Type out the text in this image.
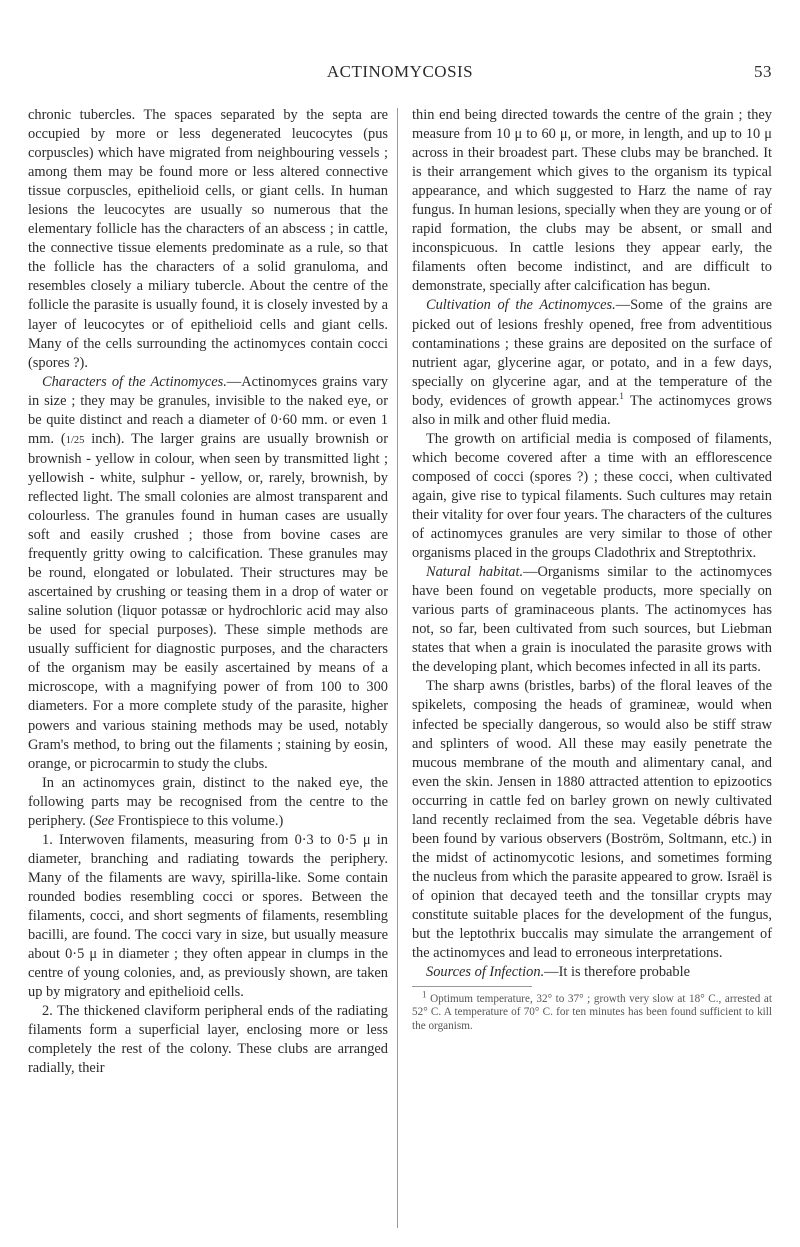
ACTINOMYCOSIS	53

chronic tubercles. The spaces separated by the septa are occupied by more or less degenerated leucocytes (pus corpuscles) which have migrated from neighbouring vessels ; among them may be found more or less altered connective tissue corpuscles, epithelioid cells, or giant cells. In human lesions the leucocytes are usually so numerous that the elementary follicle has the characters of an abscess ; in cattle, the connective tissue elements predominate as a rule, so that the follicle has the characters of a solid granuloma, and resembles closely a miliary tubercle. About the centre of the follicle the parasite is usually found, it is closely invested by a layer of leucocytes or of epithelioid cells and giant cells. Many of the cells surrounding the actinomyces contain cocci (spores ?).

Characters of the Actinomyces.—Actinomyces grains vary in size ; they may be granules, invisible to the naked eye, or be quite distinct and reach a diameter of 0·60 mm. or even 1 mm. (1/25 inch). The larger grains are usually brownish or brownish - yellow in colour, when seen by transmitted light ; yellowish - white, sulphur - yellow, or, rarely, brownish, by reflected light. The small colonies are almost transparent and colourless. The granules found in human cases are usually soft and easily crushed ; those from bovine cases are frequently gritty owing to calcification. These granules may be round, elongated or lobulated. Their structures may be ascertained by crushing or teasing them in a drop of water or saline solution (liquor potassæ or hydrochloric acid may also be used for special purposes). These simple methods are usually sufficient for diagnostic purposes, and the characters of the organism may be easily ascertained by means of a microscope, with a magnifying power of from 100 to 300 diameters. For a more complete study of the parasite, higher powers and various staining methods may be used, notably Gram's method, to bring out the filaments ; staining by eosin, orange, or picrocarmin to study the clubs.

In an actinomyces grain, distinct to the naked eye, the following parts may be recognised from the centre to the periphery. (See Frontispiece to this volume.)

1. Interwoven filaments, measuring from 0·3 to 0·5 μ in diameter, branching and radiating towards the periphery. Many of the filaments are wavy, spirilla-like. Some contain rounded bodies resembling cocci or spores. Between the filaments, cocci, and short segments of filaments, resembling bacilli, are found. The cocci vary in size, but usually measure about 0·5 μ in diameter ; they often appear in clumps in the centre of young colonies, and, as previously shown, are taken up by migratory and epithelioid cells.

2. The thickened claviform peripheral ends of the radiating filaments form a superficial layer, enclosing more or less completely the rest of the colony. These clubs are arranged radially, their

thin end being directed towards the centre of the grain ; they measure from 10 μ to 60 μ, or more, in length, and up to 10 μ across in their broadest part. These clubs may be branched. It is their arrangement which gives to the organism its typical appearance, and which suggested to Harz the name of ray fungus. In human lesions, specially when they are young or of rapid formation, the clubs may be absent, or small and inconspicuous. In cattle lesions they appear early, the filaments often become indistinct, and are difficult to demonstrate, specially after calcification has begun.

Cultivation of the Actinomyces.—Some of the grains are picked out of lesions freshly opened, free from adventitious contaminations ; these grains are deposited on the surface of nutrient agar, glycerine agar, or potato, and in a few days, specially on glycerine agar, and at the temperature of the body, evidences of growth appear.$^1$ The actinomyces grows also in milk and other fluid media.

The growth on artificial media is composed of filaments, which become covered after a time with an efflorescence composed of cocci (spores ?) ; these cocci, when cultivated again, give rise to typical filaments. Such cultures may retain their vitality for over four years. The characters of the cultures of actinomyces granules are very similar to those of other organisms placed in the groups Cladothrix and Streptothrix.

Natural habitat.—Organisms similar to the actinomyces have been found on vegetable products, more specially on various parts of graminaceous plants. The actinomyces has not, so far, been cultivated from such sources, but Liebman states that when a grain is inoculated the parasite grows with the developing plant, which becomes infected in all its parts.

The sharp awns (bristles, barbs) of the floral leaves of the spikelets, composing the heads of gramineæ, would when infected be specially dangerous, so would also be stiff straw and splinters of wood. All these may easily penetrate the mucous membrane of the mouth and alimentary canal, and even the skin. Jensen in 1880 attracted attention to epizootics occurring in cattle fed on barley grown on newly cultivated land recently reclaimed from the sea. Vegetable débris have been found by various observers (Boström, Soltmann, etc.) in the midst of actinomycotic lesions, and sometimes forming the nucleus from which the parasite appeared to grow. Israël is of opinion that decayed teeth and the tonsillar crypts may constitute suitable places for the development of the fungus, but the leptothrix buccalis may simulate the arrangement of the actinomyces and lead to erroneous interpretations.

Sources of Infection.—It is therefore probable

$^1$ Optimum temperature, 32° to 37° ; growth very slow at 18° C., arrested at 52° C. A temperature of 70° C. for ten minutes has been found sufficient to kill the organism.
